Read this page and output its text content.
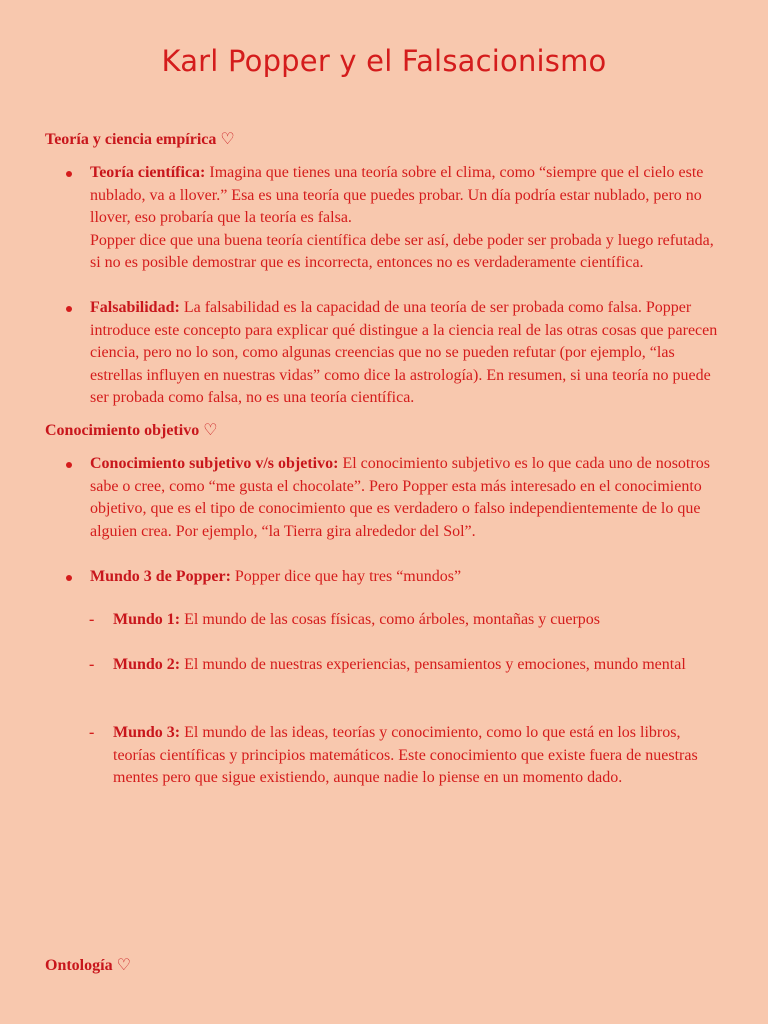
Karl Popper y el Falsacionismo
Teoría y ciencia empírica ♡

Teoría científica: Imagina que tienes una teoría sobre el clima, como “siempre que el cielo este nublado, va a llover.” Esa es una teoría que puedes probar. Un día podría estar nublado, pero no llover, eso probaría que la teoría es falsa.

Popper dice que una buena teoría científica debe ser así, debe poder ser probada y luego refutada, si no es posible demostrar que es incorrecta, entonces no es verdaderamente científica.

Falsabilidad: La falsabilidad es la capacidad de una teoría de ser probada como falsa. Popper introduce este concepto para explicar qué distingue a la ciencia real de las otras cosas que parecen ciencia, pero no lo son, como algunas creencias que no se pueden refutar (por ejemplo, “las estrellas influyen en nuestras vidas” como dice la astrología). En resumen, si una teoría no puede ser probada como falsa, no es una teoría científica.

Conocimiento objetivo ♡

Conocimiento subjetivo v/s objetivo: El conocimiento subjetivo es lo que cada uno de nosotros sabe o cree, como “me gusta el chocolate”. Pero Popper esta más interesado en el conocimiento objetivo, que es el tipo de conocimiento que es verdadero o falso independientemente de lo que alguien crea. Por ejemplo, “la Tierra gira alrededor del Sol”.

Mundo 3 de Popper: Popper dice que hay tres “mundos”

- Mundo 1: El mundo de las cosas físicas, como árboles, montañas y cuerpos

- Mundo 2: El mundo de nuestras experiencias, pensamientos y emociones, mundo mental

- Mundo 3: El mundo de las ideas, teorías y conocimiento, como lo que está en los libros, teorías científicas y principios matemáticos. Este conocimiento que existe fuera de nuestras mentes pero que sigue existiendo, aunque nadie lo piense en un momento dado.

Ontología ♡
